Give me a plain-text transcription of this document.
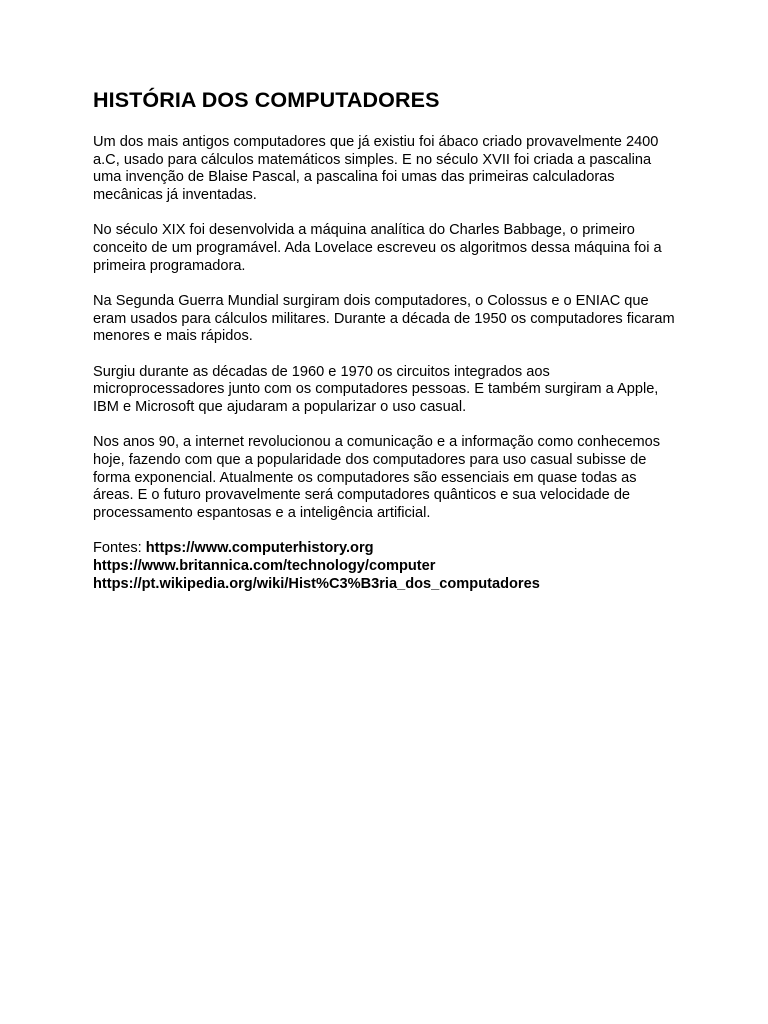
HISTÓRIA DOS COMPUTADORES

Um dos mais antigos computadores que já existiu foi ábaco criado provavelmente 2400 a.C, usado para cálculos matemáticos simples. E no século XVII foi criada a pascalina uma invenção de Blaise Pascal, a pascalina foi umas das primeiras calculadoras mecânicas já inventadas.

No século XIX foi desenvolvida a máquina analítica do Charles Babbage, o primeiro conceito de um programável. Ada Lovelace escreveu os algoritmos dessa máquina foi a primeira programadora.

Na Segunda Guerra Mundial surgiram dois computadores, o Colossus e o ENIAC que eram usados para cálculos militares. Durante a década de 1950 os computadores ficaram menores e mais rápidos.

Surgiu durante as décadas de 1960 e 1970 os circuitos integrados aos microprocessadores junto com os computadores pessoas. E também surgiram a Apple, IBM e Microsoft que ajudaram a popularizar o uso casual.

Nos anos 90, a internet revolucionou a comunicação e a informação como conhecemos hoje, fazendo com que a popularidade dos computadores para uso casual subisse de forma exponencial. Atualmente os computadores são essenciais em quase todas as áreas. E o futuro provavelmente será computadores quânticos e sua velocidade de processamento espantosas e a inteligência artificial.

Fontes: https://www.computerhistory.org
https://www.britannica.com/technology/computer
https://pt.wikipedia.org/wiki/Hist%C3%B3ria_dos_computadores
